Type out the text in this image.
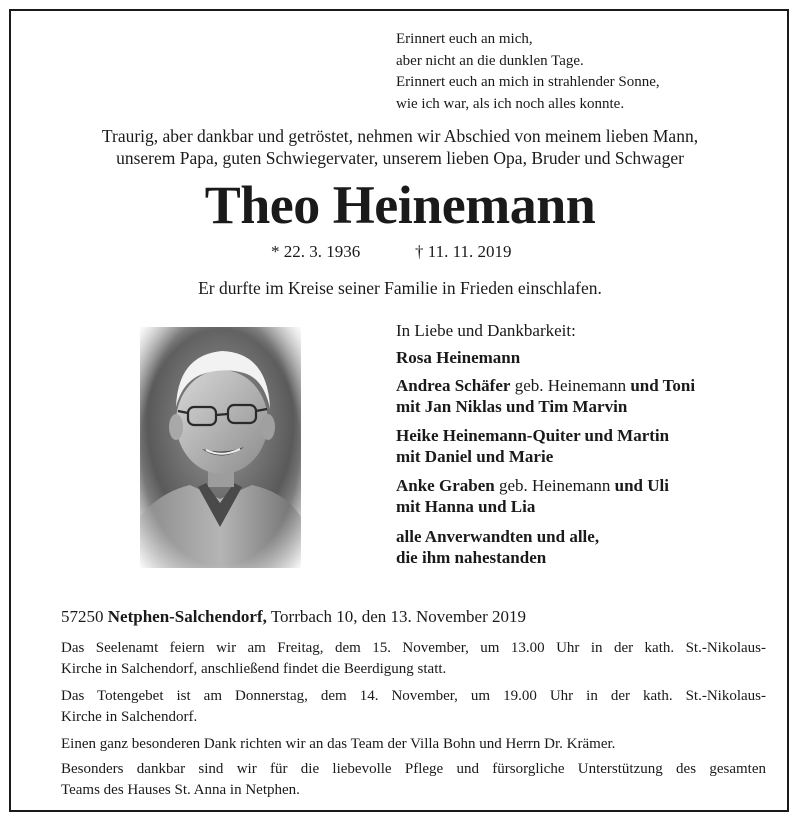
Erinnert euch an mich,
aber nicht an die dunklen Tage.
Erinnert euch an mich in strahlender Sonne,
wie ich war, als ich noch alles konnte.
Traurig, aber dankbar und getröstet, nehmen wir Abschied von meinem lieben Mann,
unserem Papa, guten Schwiegervater, unserem lieben Opa, Bruder und Schwager
Theo Heinemann
* 22. 3. 1936	† 11. 11. 2019
Er durfte im Kreise seiner Familie in Frieden einschlafen.
In Liebe und Dankbarkeit:
Rosa Heinemann
Andrea Schäfer geb. Heinemann und Toni
mit Jan Niklas und Tim Marvin
Heike Heinemann-Quiter und Martin
mit Daniel und Marie
Anke Graben geb. Heinemann und Uli
mit Hanna und Lia
alle Anverwandten und alle,
die ihm nahestanden
57250 Netphen-Salchendorf, Torrbach 10, den 13. November 2019
Das Seelenamt feiern wir am Freitag, dem 15. November, um 13.00 Uhr in der kath. St.-Nikolaus-
Kirche in Salchendorf, anschließend findet die Beerdigung statt.
Das Totengebet ist am Donnerstag, dem 14. November, um 19.00 Uhr in der kath. St.-Nikolaus-
Kirche in Salchendorf.
Einen ganz besonderen Dank richten wir an das Team der Villa Bohn und Herrn Dr. Krämer.
Besonders dankbar sind wir für die liebevolle Pflege und fürsorgliche Unterstützung des gesamten
Teams des Hauses St. Anna in Netphen.
